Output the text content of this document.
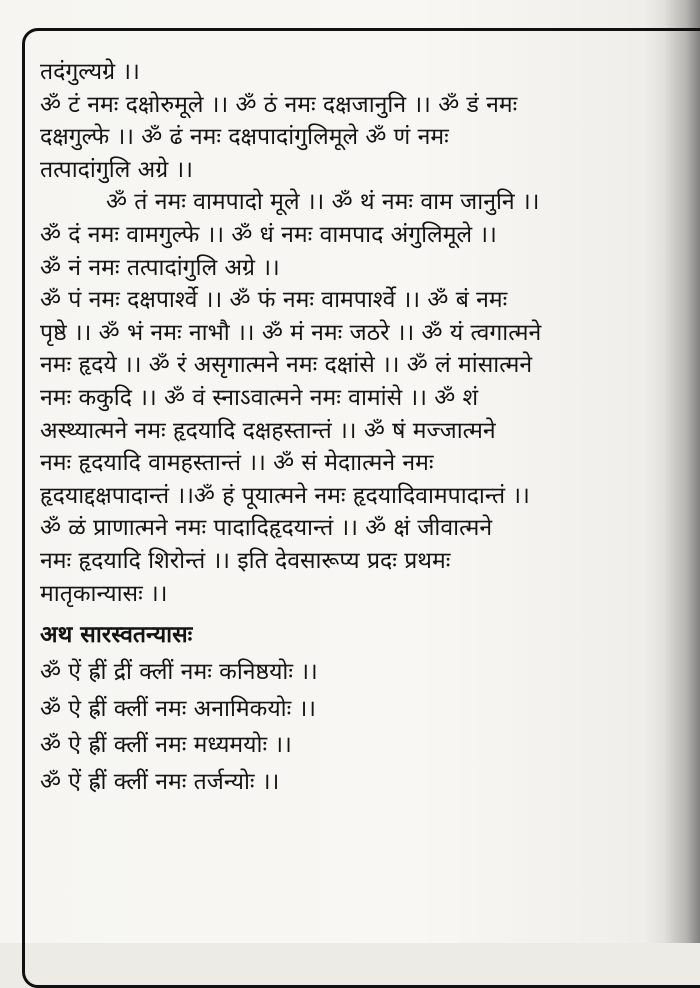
तदंगुल्यग्रे ।।
ॐ टं नमः दक्षोरुमूले ।। ॐ ठं नमः दक्षजानुनि ।। ॐ डं नमः
दक्षगुल्फे ।। ॐ ढं नमः दक्षपादांगुलिमूले ॐ णं नमः
तत्पादांगुलि अग्रे ।।
ॐ तं नमः वामपादो मूले ।। ॐ थं नमः वाम जानुनि ।।
ॐ दं नमः वामगुल्फे ।। ॐ धं नमः वामपाद अंगुलिमूले ।।
ॐ नं नमः तत्पादांगुलि अग्रे ।।
ॐ पं नमः दक्षपार्श्वे ।। ॐ फं नमः वामपार्श्वे ।। ॐ बं नमः
पृष्ठे ।। ॐ भं नमः नाभौ ।। ॐ मं नमः जठरे ।। ॐ यं त्वगात्मने
नमः हृदये ।। ॐ रं असृगात्मने नमः दक्षांसे ।। ॐ लं मांसात्मने
नमः ककुदि ।। ॐ वं स्नाऽवात्मने नमः वामांसे ।। ॐ शं
अस्थ्यात्मने नमः हृदयादि दक्षहस्तान्तं ।। ॐ षं मज्जात्मने
नमः हृदयादि वामहस्तान्तं ।। ॐ सं मेदाात्मने नमः
हृदयाद्दक्षपादान्तं ।।ॐ हं पूयात्मने नमः हृदयादिवामपादान्तं ।।
ॐ ळं प्राणात्मने नमः पादादिहृदयान्तं ।। ॐ क्षं जीवात्मने
नमः हृदयादि शिरोन्तं ।। इति देवसारूप्य प्रदः प्रथमः
मातृकान्यासः ।।
अथ सारस्वतन्यासः
ॐ ऐं ह्रीं द्रीं क्लीं नमः कनिष्ठयोः ।।
ॐ ऐ ह्रीं क्लीं नमः अनामिकयोः ।।
ॐ ऐ ह्रीं क्लीं नमः मध्यमयोः ।।
ॐ ऐं ह्रीं क्लीं नमः तर्जन्योः ।।
